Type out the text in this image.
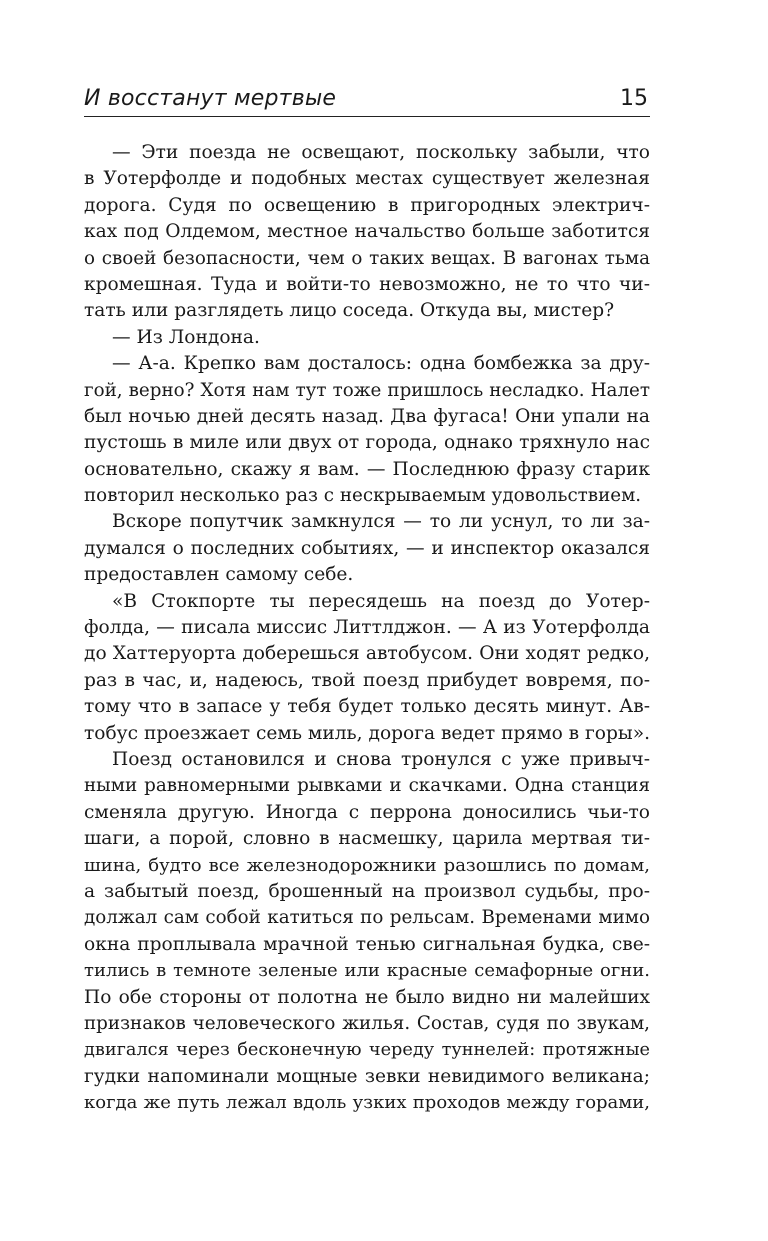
И восстанут мертвые	15
— Эти поезда не освещают, поскольку забыли, что
в Уотерфолде и подобных местах существует железная
дорога. Судя по освещению в пригородных электрич-
ках под Олдемом, местное начальство больше заботится
о своей безопасности, чем о таких вещах. В вагонах тьма
кромешная. Туда и войти-то невозможно, не то что чи-
тать или разглядеть лицо соседа. Откуда вы, мистер?
— Из Лондона.
— А-а. Крепко вам досталось: одна бомбежка за дру-
гой, верно? Хотя нам тут тоже пришлось несладко. Налет
был ночью дней десять назад. Два фугаса! Они упали на
пустошь в миле или двух от города, однако тряхнуло нас
основательно, скажу я вам. — Последнюю фразу старик
повторил несколько раз с нескрываемым удовольствием.
Вскоре попутчик замкнулся — то ли уснул, то ли за-
думался о последних событиях, — и инспектор оказался
предоставлен самому себе.
«В Стокпорте ты пересядешь на поезд до Уотер-
фолда, — писала миссис Литтлджон. — А из Уотерфолда
до Хаттеруорта доберешься автобусом. Они ходят редко,
раз в час, и, надеюсь, твой поезд прибудет вовремя, по-
тому что в запасе у тебя будет только десять минут. Ав-
тобус проезжает семь миль, дорога ведет прямо в горы».
Поезд остановился и снова тронулся с уже привыч-
ными равномерными рывками и скачками. Одна станция
сменяла другую. Иногда с перрона доносились чьи-то
шаги, а порой, словно в насмешку, царила мертвая ти-
шина, будто все железнодорожники разошлись по домам,
а забытый поезд, брошенный на произвол судьбы, про-
должал сам собой катиться по рельсам. Временами мимо
окна проплывала мрачной тенью сигнальная будка, све-
тились в темноте зеленые или красные семафорные огни.
По обе стороны от полотна не было видно ни малейших
признаков человеческого жилья. Состав, судя по звукам,
двигался через бесконечную череду туннелей: протяжные
гудки напоминали мощные зевки невидимого великана;
когда же путь лежал вдоль узких проходов между горами,
